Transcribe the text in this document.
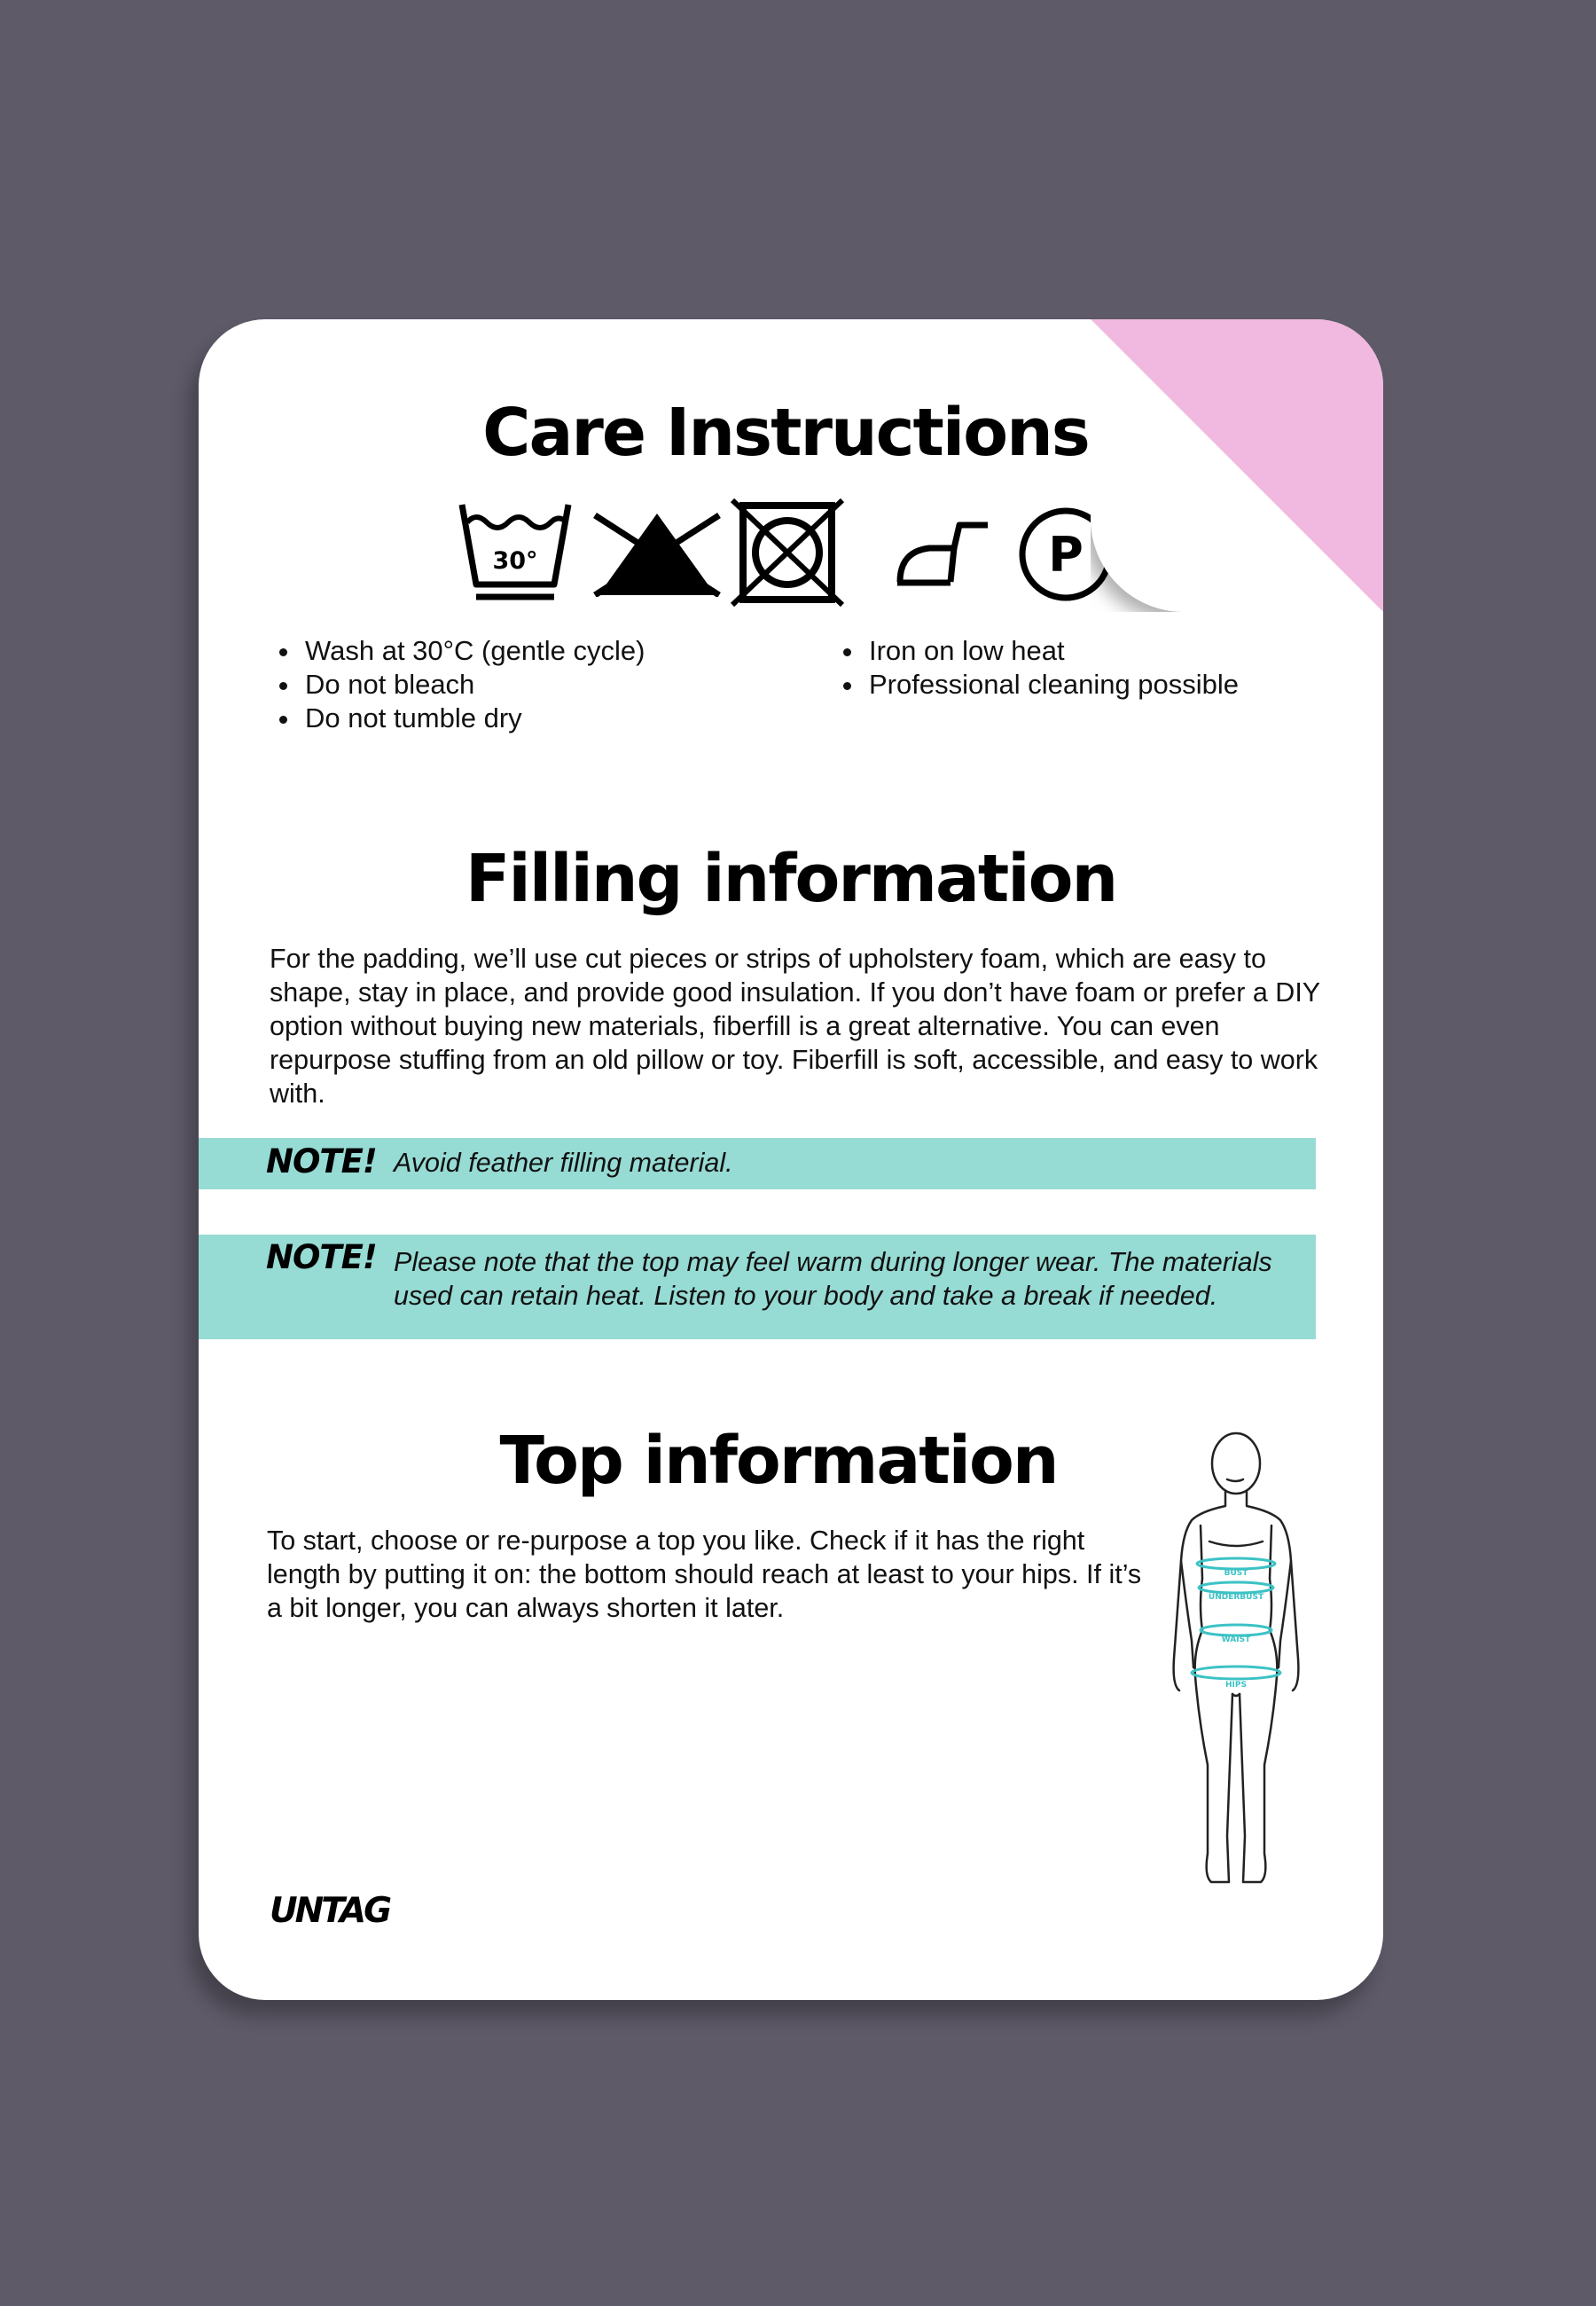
Care Instructions
30°	P
• Wash at 30°C (gentle cycle)
• Do not bleach
• Do not tumble dry
• Iron on low heat
• Professional cleaning possible
Filling information

For the padding, we’ll use cut pieces or strips of upholstery foam, which are easy to shape, stay in place, and provide good insulation. If you don’t have foam or prefer a DIY option without buying new materials, fiberfill is a great alternative. You can even repurpose stuffing from an old pillow or toy. Fiberfill is soft, accessible, and easy to work with.

NOTE! Avoid feather filling material.
NOTE! Please note that the top may feel warm during longer wear. The materials used can retain heat. Listen to your body and take a break if needed.
Top information

To start, choose or re-purpose a top you like. Check if it has the right length by putting it on: the bottom should reach at least to your hips. If it’s a bit longer, you can always shorten it later.

BUST
UNDERBUST
WAIST
HIPS
UNTAG
